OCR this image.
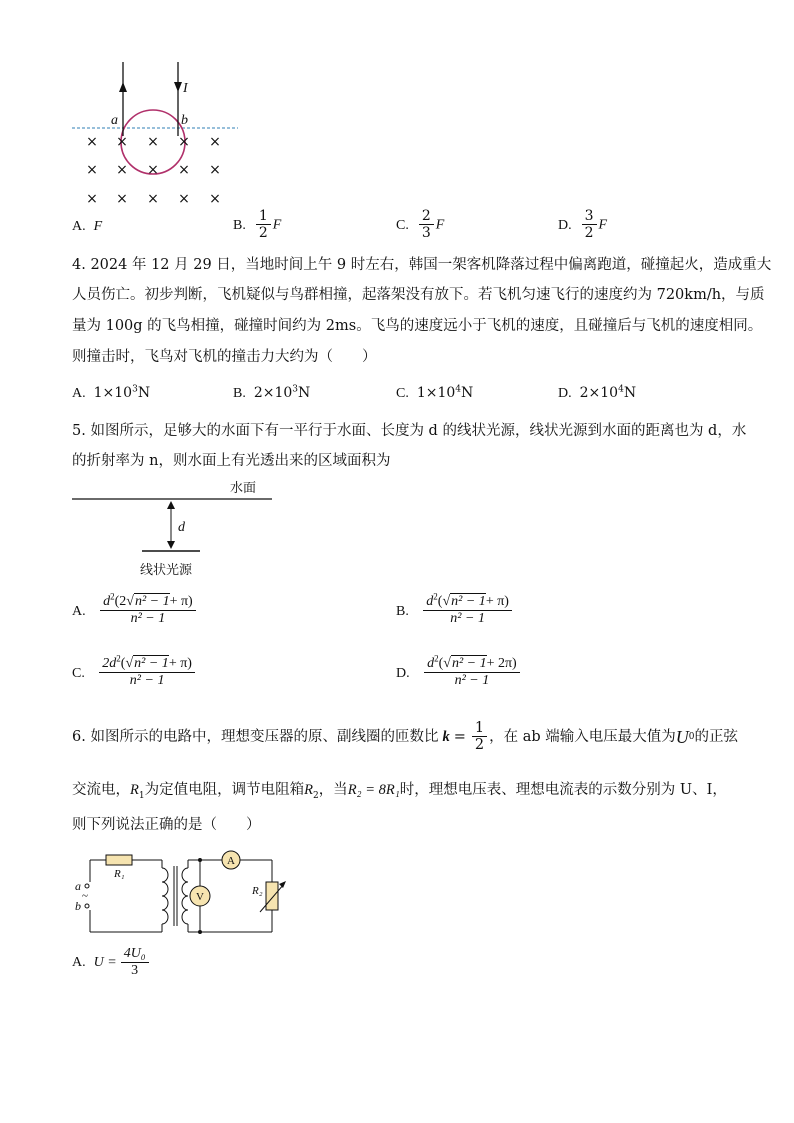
× × × × ×
× × × × ×
× × × × ×
I
a	b
A. F	B. $\frac{1}{2}$ F	C. $\frac{2}{3}$ F	D. $\frac{3}{2}$ F
4. 2024 年 12 月 29 日，当地时间上午 9 时左右，韩国一架客机降落过程中偏离跑道，碰撞起火，造成重大
人员伤亡。初步判断，飞机疑似与鸟群相撞，起落架没有放下。若飞机匀速飞行的速度约为 720km/h，与质
量为 100g 的飞鸟相撞，碰撞时间约为 2ms。飞鸟的速度远小于飞机的速度，且碰撞后与飞机的速度相同。
则撞击时，飞鸟对飞机的撞击力大约为（　　）
A. $1\times 10^3N$	B. $2\times 10^3N$	C. $1\times 10^4N$	D. $2\times 10^4N$
5. 如图所示，足够大的水面下有一平行于水面、长度为 d 的线状光源，线状光源到水面的距离也为 d，水
的折射率为 n，则水面上有光透出来的区域面积为
水面
d
线状光源
A. $\frac{d^2(2√n^2 - 1+ \pi)}{\text{n² − 1}}$	B. $\frac{d^2(√n^2 - 1+ \pi)}{\text{n² − 1}}$
C. $\frac{2d^2(√n^2 - 1+ \pi)}{\text{n² − 1}}$	D. $\frac{d^2(√n^2 - 1+ 2\pi)}{\text{n² − 1}}$
6. 如图所示的电路中，理想变压器的原、副线圈的匝数比 $k = \frac{1}{2}$ ，在 ab 端输入电压最大值为 U 0 的正弦
交流电，$R_1$为定值电阻，调节电阻箱$R_2$，当R₂ = 8R₁时，理想电压表、理想电流表的示数分别为 U、I，
则下列说法正确的是（　　）
V
A
R₁
R₂
a
~
b
A. $U = \frac{\text{4U₀}}{3}$
